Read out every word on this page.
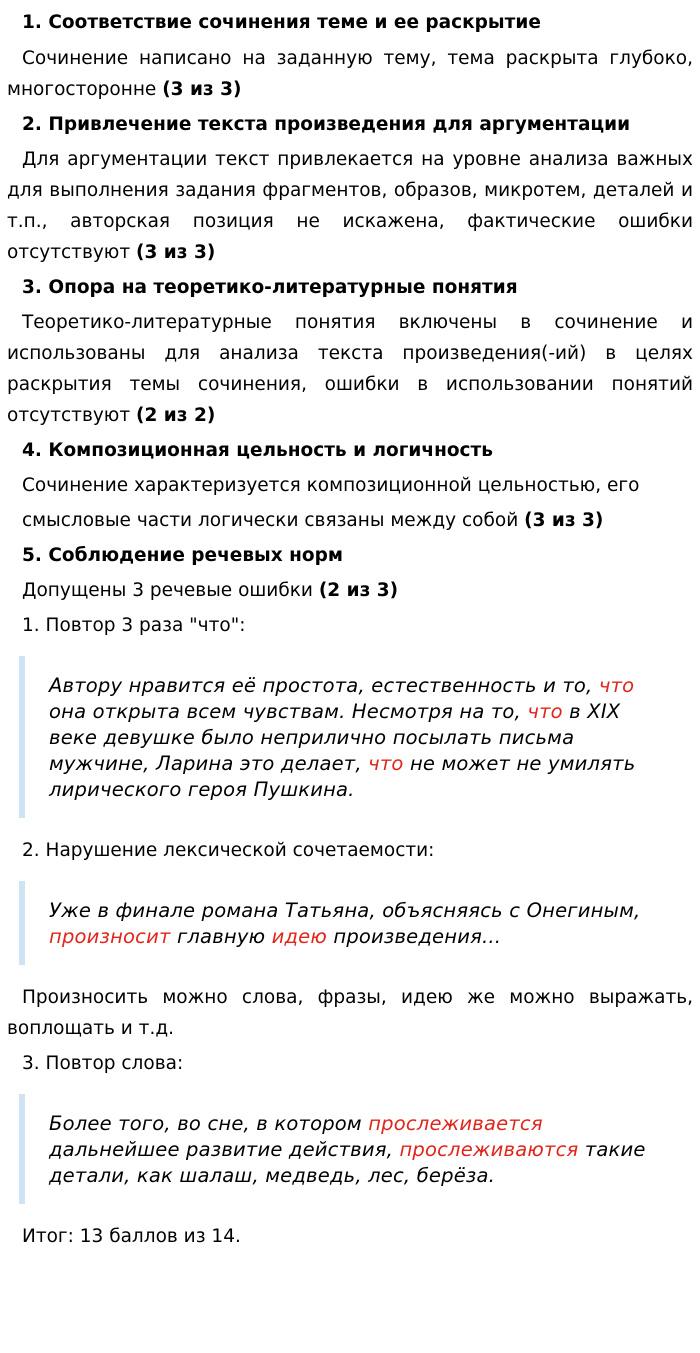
1. Соответствие сочинения теме и ее раскрытие
Сочинение написано на заданную тему, тема раскрыта глубоко, многосторонне (3 из 3)
2. Привлечение текста произведения для аргументации
Для аргументации текст привлекается на уровне анализа важных для выполнения задания фрагментов, образов, микротем, деталей и т.п., авторская позиция не искажена, фактические ошибки отсутствуют (3 из 3)
3. Опора на теоретико-литературные понятия
Теоретико-литературные понятия включены в сочинение и использованы для анализа текста произведения(-ий) в целях раскрытия темы сочинения, ошибки в использовании понятий отсутствуют (2 из 2)
4. Композиционная цельность и логичность
Сочинение характеризуется композиционной цельностью, его
смысловые части логически связаны между собой (3 из 3)
5. Соблюдение речевых норм
Допущены 3 речевые ошибки (2 из 3)
1. Повтор 3 раза "что":
Автору нравится её простота, естественность и то, что
она открыта всем чувствам. Несмотря на то, что в XIX
веке девушке было неприлично посылать письма
мужчине, Ларина это делает, что не может не умилять
лирического героя Пушкина.
2. Нарушение лексической сочетаемости:
Уже в финале романа Татьяна, объясняясь с Онегиным,
произносит главную идею произведения...
Произносить можно слова, фразы, идею же можно выражать, воплощать и т.д.
3. Повтор слова:
Более того, во сне, в котором прослеживается
дальнейшее развитие действия, прослеживаются такие
детали, как шалаш, медведь, лес, берёза.
Итог: 13 баллов из 14.
